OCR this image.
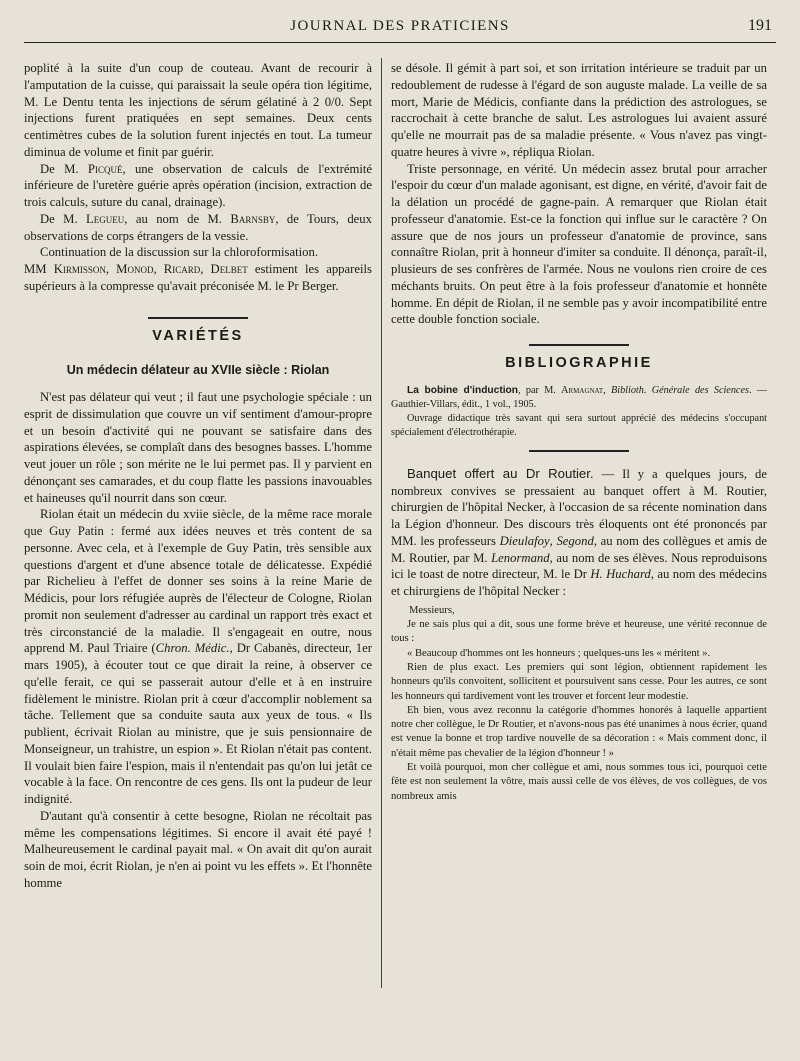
JOURNAL DES PRATICIENS	191

poplité à la suite d'un coup de couteau. Avant de recourir à l'amputation de la cuisse, qui paraissait la seule opéra tion légitime, M. Le Dentu tenta les injections de sérum gélatiné à 2 0/0. Sept injections furent pratiquées en sept semaines. Deux cents centimètres cubes de la solution furent injectés en tout. La tumeur diminua de volume et finit par guérir.

De M. Picqué, une observation de calculs de l'extrémité inférieure de l'uretère guérie après opération (incision, extraction de trois calculs, suture du canal, drainage).

De M. Legueu, au nom de M. Barnsby, de Tours, deux observations de corps étrangers de la vessie.

Continuation de la discussion sur la chloroformisation.

MM Kirmisson, Monod, Ricard, Delbet estiment les appareils supérieurs à la compresse qu'avait préconisée M. le Pr Berger.

VARIÉTÉS
Un médecin délateur au XVIIe siècle : Riolan

N'est pas délateur qui veut ; il faut une psychologie spéciale : un esprit de dissimulation que couvre un vif sentiment d'amour-propre et un besoin d'activité qui ne pouvant se satisfaire dans des aspirations élevées, se complaît dans des besognes basses. L'homme veut jouer un rôle ; son mérite ne le lui permet pas. Il y parvient en dénonçant ses camarades, et du coup flatte les passions inavouables et haineuses qu'il nourrit dans son cœur.

Riolan était un médecin du xviie siècle, de la même race morale que Guy Patin : fermé aux idées neuves et très content de sa personne. Avec cela, et à l'exemple de Guy Patin, très sensible aux questions d'argent et d'une absence totale de délicatesse. Expédié par Richelieu à l'effet de donner ses soins à la reine Marie de Médicis, pour lors réfugiée auprès de l'électeur de Cologne, Riolan promit non seulement d'adresser au cardinal un rapport très exact et très circonstancié de la maladie. Il s'engageait en outre, nous apprend M. Paul Triaire (Chron. Médic., Dr Cabanès, directeur, 1er mars 1905), à écouter tout ce que dirait la reine, à observer ce qu'elle ferait, ce qui se passerait autour d'elle et à en instruire fidèlement le ministre. Riolan prit à cœur d'accomplir noblement sa tâche. Tellement que sa conduite sauta aux yeux de tous. « Ils publient, écrivait Riolan au ministre, que je suis pensionnaire de Monseigneur, un trahistre, un espion ». Et Riolan n'était pas content. Il voulait bien faire l'espion, mais il n'entendait pas qu'on lui jetât ce vocable à la face. On rencontre de ces gens. Ils ont la pudeur de leur indignité.

D'autant qu'à consentir à cette besogne, Riolan ne récoltait pas même les compensations légitimes. Si encore il avait été payé ! Malheureusement le cardinal payait mal. « On avait dit qu'on aurait soin de moi, écrit Riolan, je n'en ai point vu les effets ». Et l'honnête homme

se désole. Il gémit à part soi, et son irritation intérieure se traduit par un redoublement de rudesse à l'égard de son auguste malade. La veille de sa mort, Marie de Médicis, confiante dans la prédiction des astrologues, se raccrochait à cette branche de salut. Les astrologues lui avaient assuré qu'elle ne mourrait pas de sa maladie présente. « Vous n'avez pas vingt-quatre heures à vivre », répliqua Riolan.

Triste personnage, en vérité. Un médecin assez brutal pour arracher l'espoir du cœur d'un malade agonisant, est digne, en vérité, d'avoir fait de la délation un procédé de gagne-pain. A remarquer que Riolan était professeur d'anatomie. Est-ce la fonction qui influe sur le caractère ? On assure que de nos jours un professeur d'anatomie de province, sans connaître Riolan, prit à honneur d'imiter sa conduite. Il dénonça, paraît-il, plusieurs de ses confrères de l'armée. Nous ne voulons rien croire de ces méchants bruits. On peut être à la fois professeur d'anatomie et honnête homme. En dépit de Riolan, il ne semble pas y avoir incompatibilité entre cette double fonction sociale.

BIBLIOGRAPHIE

La bobine d'induction, par M. Armagnat, Biblioth. Générale des Sciences. — Gauthier-Villars, édit., 1 vol., 1905.

Ouvrage didactique très savant qui sera surtout apprécié des médecins s'occupant spécialement d'électrothérapie.

Banquet offert au Dr Routier. — Il y a quelques jours, de nombreux convives se pressaient au banquet offert à M. Routier, chirurgien de l'hôpital Necker, à l'occasion de sa récente nomination dans la Légion d'honneur. Des discours très éloquents ont été prononcés par MM. les professeurs Dieulafoy, Segond, au nom des collègues et amis de M. Routier, par M. Lenormand, au nom de ses élèves. Nous reproduisons ici le toast de notre directeur, M. le Dr H. Huchard, au nom des médecins et chirurgiens de l'hôpital Necker :

Messieurs,

Je ne sais plus qui a dit, sous une forme brève et heureuse, une vérité reconnue de tous :

« Beaucoup d'hommes ont les honneurs ; quelques-uns les « méritent ».

Rien de plus exact. Les premiers qui sont légion, obtiennent rapidement les honneurs qu'ils convoitent, sollicitent et poursuivent sans cesse. Pour les autres, ce sont les honneurs qui tardivement vont les trouver et forcent leur modestie.

Eh bien, vous avez reconnu la catégorie d'hommes honorés à laquelle appartient notre cher collègue, le Dr Routier, et n'avons-nous pas été unanimes à nous écrier, quand est venue la bonne et trop tardive nouvelle de sa décoration : « Mais comment donc, il n'était même pas chevalier de la légion d'honneur ! »

Et voilà pourquoi, mon cher collègue et ami, nous sommes tous ici, pourquoi cette fête est non seulement la vôtre, mais aussi celle de vos élèves, de vos collègues, de vos nombreux amis
